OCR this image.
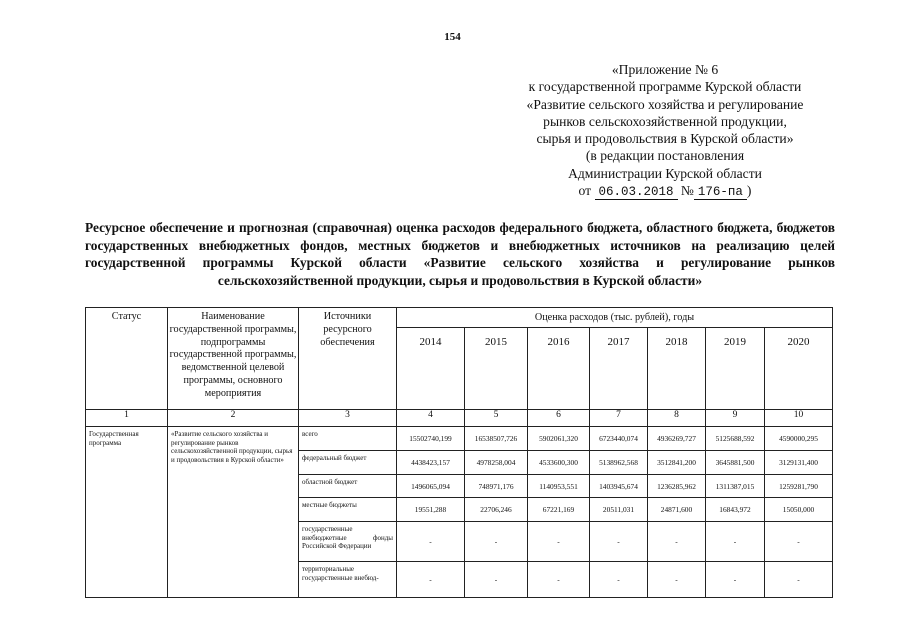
154
«Приложение № 6
к государственной программе Курской области
«Развитие сельского хозяйства и регулирование
рынков сельскохозяйственной продукции,
сырья и продовольствия в Курской области»
(в редакции постановления
Администрации Курской области
от 06.03.2018 № 176-па )
Ресурсное обеспечение и прогнозная (справочная) оценка расходов федерального бюджета, областного бюджета, бюджетов государственных внебюджетных фондов, местных бюджетов и внебюджетных источников на реализацию целей государственной программы Курской области «Развитие сельского хозяйства и регулирование рынков сельскохозяйственной продукции, сырья и продовольствия в Курской области»
Статус	Наименование государственной программы, подпрограммы государственной программы, ведомственной целевой программы, основного мероприятия	Источники ресурсного обеспечения	Оценка расходов (тыс. рублей), годы						
			2014	2015	2016	2017	2018	2019	2020
1	2	3	4	5	6	7	8	9	10
Государственная программа	«Развитие сельского хозяйства и регулирование рынков сельскохозяйственной продукции, сырья и продовольствия в Курской области»	всего	15502740,199	16538507,726	5902061,320	6723440,074	4936269,727	5125688,592	4590000,295
		федеральный бюджет	4438423,157	4978258,004	4533600,300	5138962,568	3512841,200	3645881,500	3129131,400
		областной бюджет	1496065,094	748971,176	1140953,551	1403945,674	1236285,962	1311387,015	1259281,790
		местные бюджеты	19551,288	22706,246	67221,169	20511,031	24871,600	16843,972	15050,000
		государственные внебюджетные фонды Российской Федерации	-	-	-	-	-	-	-
		территориальные государственные внебюд-	-	-	-	-	-	-	-
